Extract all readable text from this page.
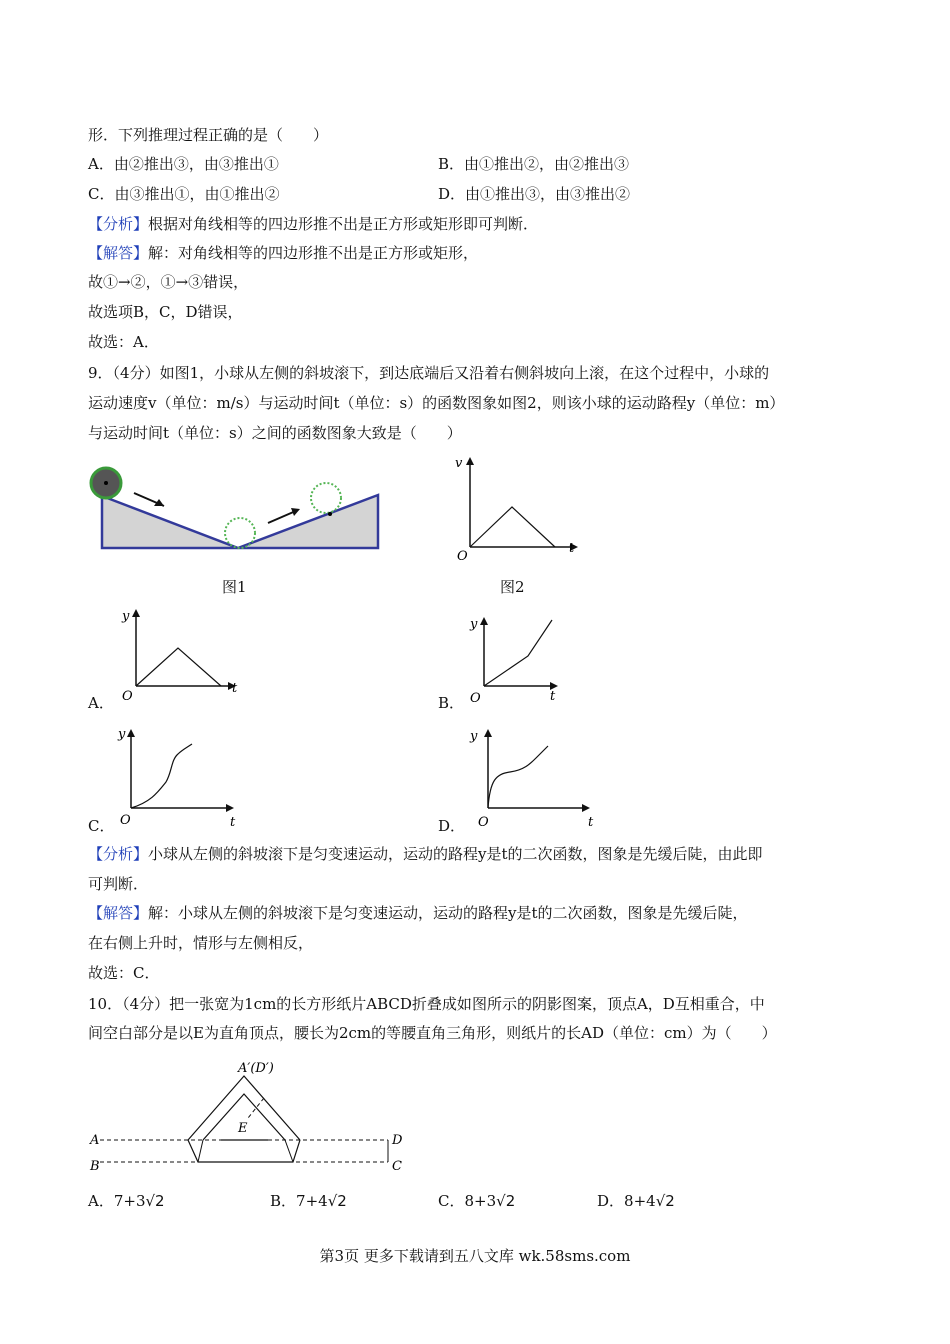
形．下列推理过程正确的是（　　）
A．由②推出③，由③推出①	B．由①推出②，由②推出③
C．由③推出①，由①推出②	D．由①推出③，由③推出②
【分析】根据对角线相等的四边形推不出是正方形或矩形即可判断．
【解答】解：对角线相等的四边形推不出是正方形或矩形，
故①→②，①→③错误，
故选项B，C，D错误，
故选：A．
9．（4分）如图1，小球从左侧的斜坡滚下，到达底端后又沿着右侧斜坡向上滚，在这个过程中，小球的
运动速度v（单位：m/s）与运动时间t（单位：s）的函数图象如图2，则该小球的运动路程y（单位：m）
与运动时间t（单位：s）之间的函数图象大致是（　　）
图1
v
t
O
图2
A．
y
t
O	B．
y
t
O
C．
y
t
O	D．
y
t
O
【分析】小球从左侧的斜坡滚下是匀变速运动，运动的路程y是t的二次函数，图象是先缓后陡，由此即
可判断．
【解答】解：小球从左侧的斜坡滚下是匀变速运动，运动的路程y是t的二次函数，图象是先缓后陡，
在右侧上升时，情形与左侧相反，
故选：C．
10．（4分）把一张宽为1cm的长方形纸片ABCD折叠成如图所示的阴影图案，顶点A，D互相重合，中
间空白部分是以E为直角顶点，腰长为2cm的等腰直角三角形，则纸片的长AD（单位：cm）为（　　）
A′(D′)
E
A
B
D
C
A．7+3√2	B．7+4√2	C．8+3√2	D．8+4√2
第3页 更多下载请到五八文库 wk.58sms.com
